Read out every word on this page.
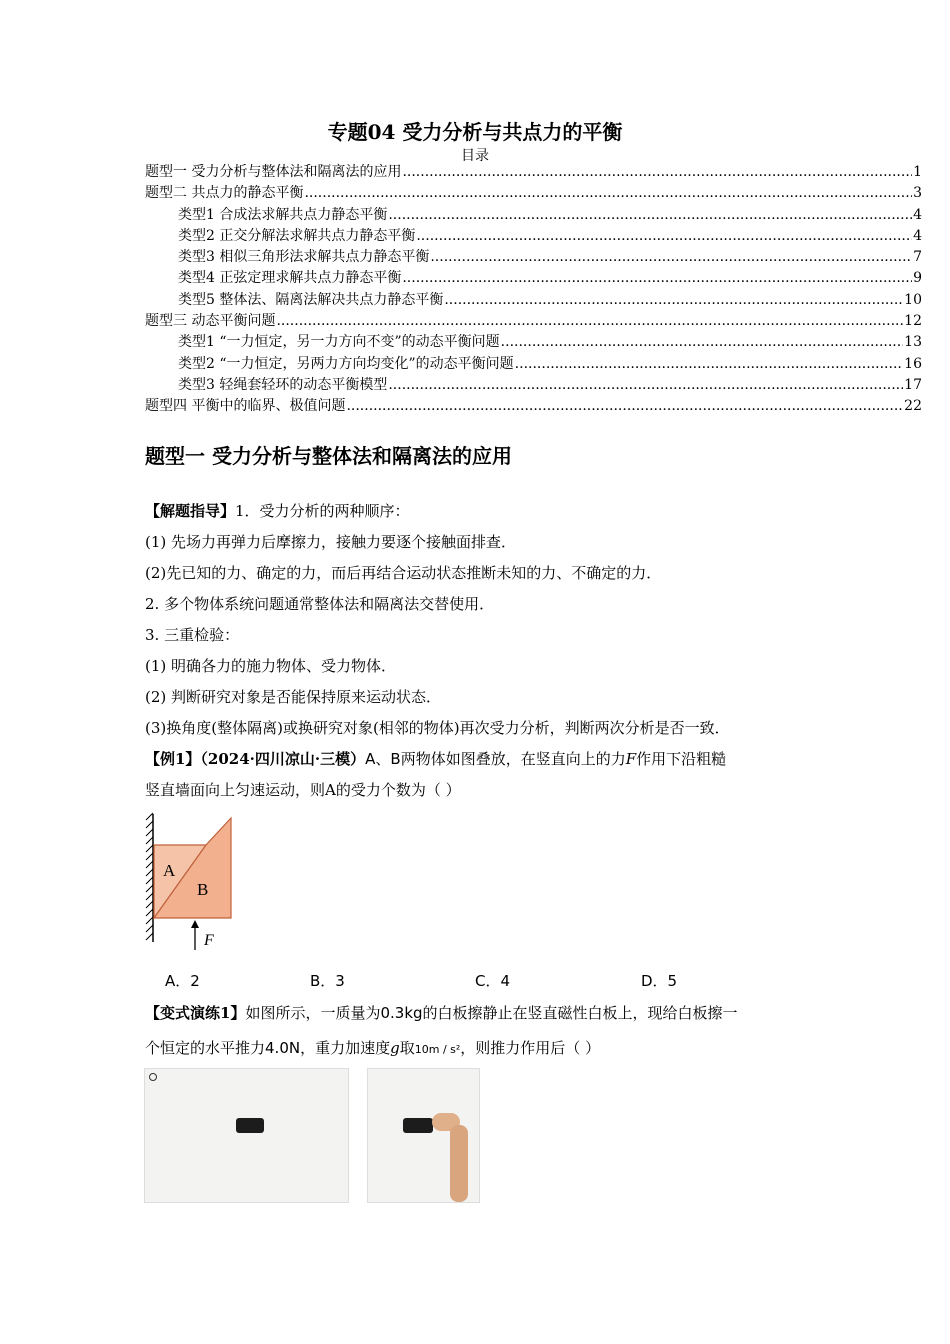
专题04 受力分析与共点力的平衡
目录
题型一 受力分析与整体法和隔离法的应用 .....	1
题型二 共点力的静态平衡 .....	3
类型1 合成法求解共点力静态平衡 .....	4
类型2 正交分解法求解共点力静态平衡 .....	4
类型3 相似三角形法求解共点力静态平衡 .....	7
类型4 正弦定理求解共点力静态平衡 .....	9
类型5 整体法、隔离法解决共点力静态平衡 .....	10
题型三 动态平衡问题 .....	12
类型1 “一力恒定，另一力方向不变”的动态平衡问题 .....	13
类型2 “一力恒定，另两力方向均变化”的动态平衡问题 .....	16
类型3 轻绳套轻环的动态平衡模型 .....	17
题型四 平衡中的临界、极值问题 .....	22
题型一 受力分析与整体法和隔离法的应用
【解题指导】1．受力分析的两种顺序：
(1) 先场力再弹力后摩擦力，接触力要逐个接触面排查．
(2)先已知的力、确定的力，而后再结合运动状态推断未知的力、不确定的力．
2. 多个物体系统问题通常整体法和隔离法交替使用．
3. 三重检验：
(1) 明确各力的施力物体、受力物体．
(2) 判断研究对象是否能保持原来运动状态．
(3)换角度(整体隔离)或换研究对象(相邻的物体)再次受力分析，判断两次分析是否一致．
【例1】（2024·四川凉山·三模）A、B两物体如图叠放，在竖直向上的力F作用下沿粗糙
竖直墙面向上匀速运动，则A的受力个数为（ ）
A
B
F
A．2	B．3	C．4	D．5
【变式演练1】如图所示，一质量为0.3kg的白板擦静止在竖直磁性白板上，现给白板擦一
个恒定的水平推力4.0N，重力加速度g取10m / s²，则推力作用后（ ）
